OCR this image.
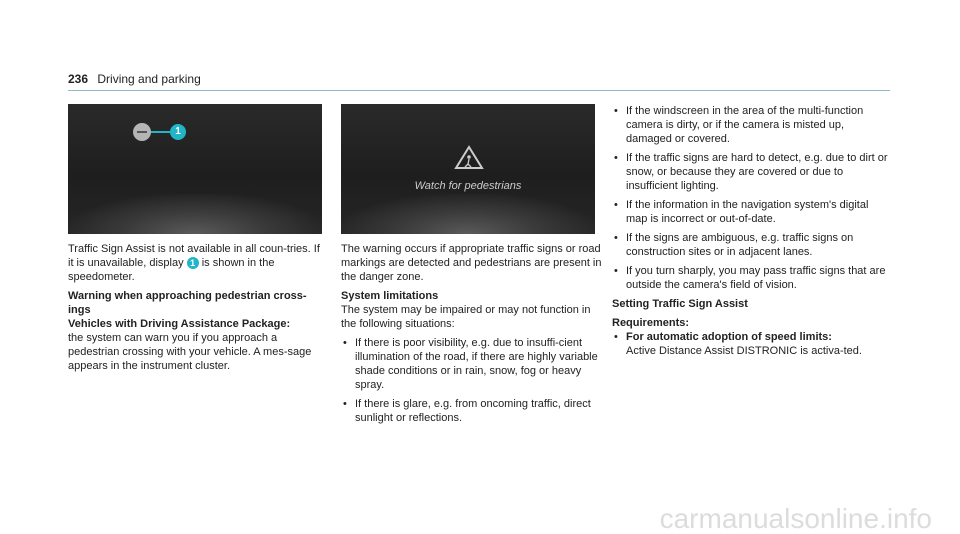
236 Driving and parking
1
Watch for pedestrians

Traffic Sign Assist is not available in all coun-tries. If it is unavailable, display 1 is shown in the speedometer.

Warning when approaching pedestrian cross-ings

Vehicles with Driving Assistance Package:

the system can warn you if you approach a pedestrian crossing with your vehicle. A mes-sage appears in the instrument cluster.

The warning occurs if appropriate traffic signs or road markings are detected and pedestrians are present in the danger zone.

System limitations

The system may be impaired or may not function in the following situations:

• If there is poor visibility, e.g. due to insuffi-cient illumination of the road, if there are highly variable shade conditions or in rain, snow, fog or heavy spray.
• If there is glare, e.g. from oncoming traffic, direct sunlight or reflections.
• If the windscreen in the area of the multi-function camera is dirty, or if the camera is misted up, damaged or covered.
• If the traffic signs are hard to detect, e.g. due to dirt or snow, or because they are covered or due to insufficient lighting.
• If the information in the navigation system's digital map is incorrect or out-of-date.
• If the signs are ambiguous, e.g. traffic signs on construction sites or in adjacent lanes.
• If you turn sharply, you may pass traffic signs that are outside the camera's field of vision.

Setting Traffic Sign Assist

Requirements:

• For automatic adoption of speed limits:
Active Distance Assist DISTRONIC is activa-ted.
carmanualsonline.info
